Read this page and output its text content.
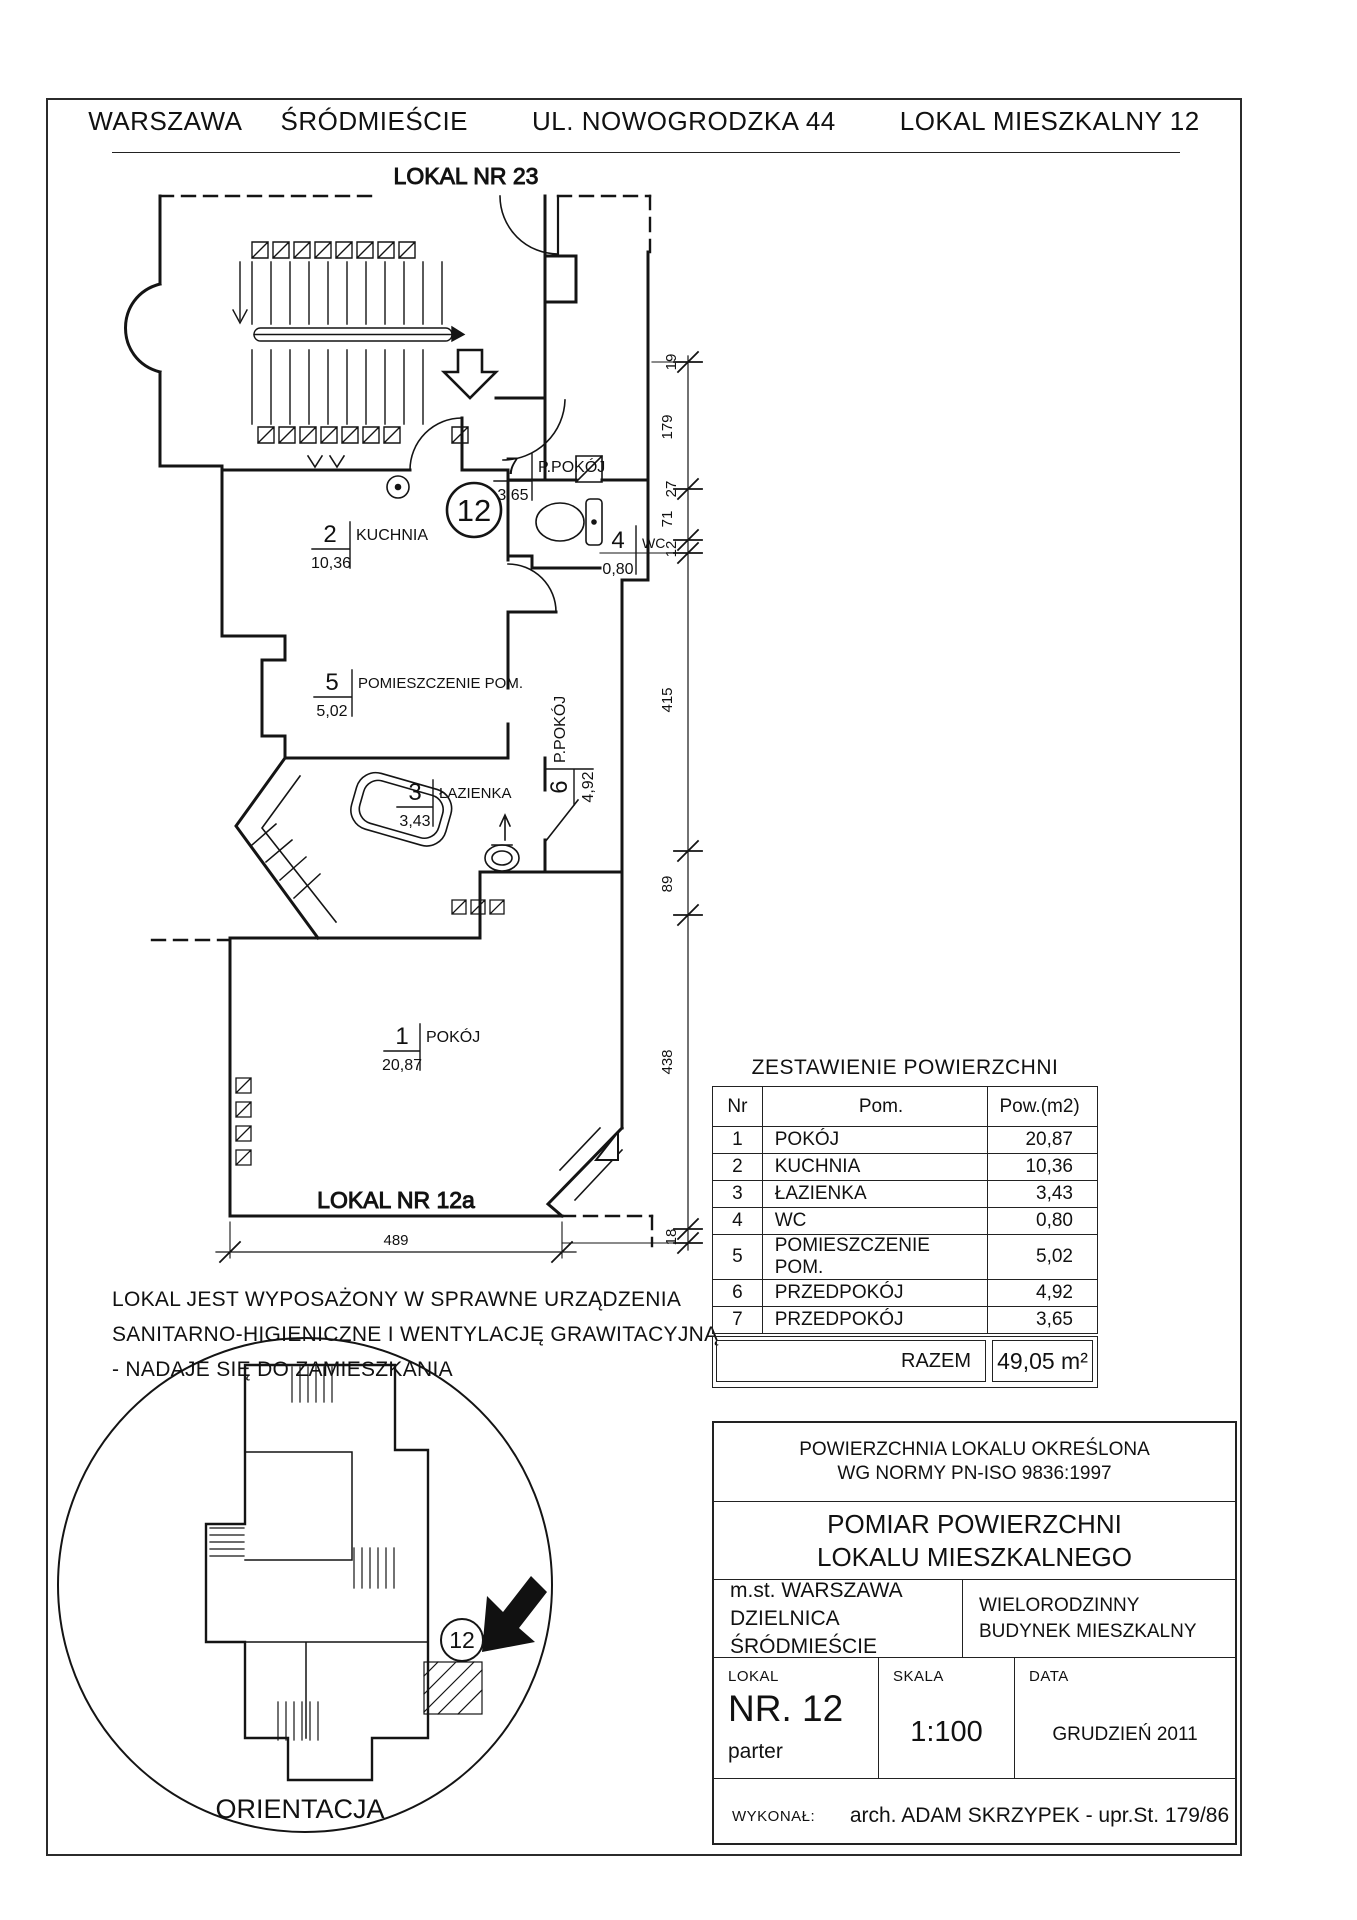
WARSZAWA ŚRÓDMIEŚCIE UL. NOWOGRODZKA 44 LOKAL MIESZKALNY 12
LOKAL NR 23
LOKAL NR 12a
12
7
3,65
P.POKÓJ
2
10,36
KUCHNIA	4
0,80
WC
5
5,02
POMIESZCZENIE POM.
3
3,43
ŁAZIENKA 6 4,92
P.POKÓJ
1
20,87
POKÓJ
19
179
27
71
12
415
89
438
18
489
12
ORIENTACJA
LOKAL JEST WYPOSAŻONY W SPRAWNE URZĄDZENIA
SANITARNO-HIGIENICZNE I WENTYLACJĘ GRAWITACYJNĄ
- NADAJE SIĘ DO ZAMIESZKANIA
ZESTAWIENIE POWIERZCHNI
Nr	Pom.	Pow.(m2)
1	POKÓJ	20,87
2	KUCHNIA	10,36
3	ŁAZIENKA	3,43
4	WC	0,80
5	POMIESZCZENIE POM.	5,02
6	PRZEDPOKÓJ	4,92
7	PRZEDPOKÓJ	3,65
RAZEM	49,05 m²
POWIERZCHNIA LOKALU OKREŚLONA
WG NORMY PN-ISO 9836:1997
POMIAR POWIERZCHNI
LOKALU MIESZKALNEGO
m.st. WARSZAWA
DZIELNICA ŚRÓDMIEŚCIE
WIELORODZINNY
BUDYNEK MIESZKALNY
LOKAL
NR. 12
parter
SKALA
1:100
DATA
GRUDZIEŃ 2011
WYKONAŁ:	arch. ADAM SKRZYPEK - upr.St. 179/86
